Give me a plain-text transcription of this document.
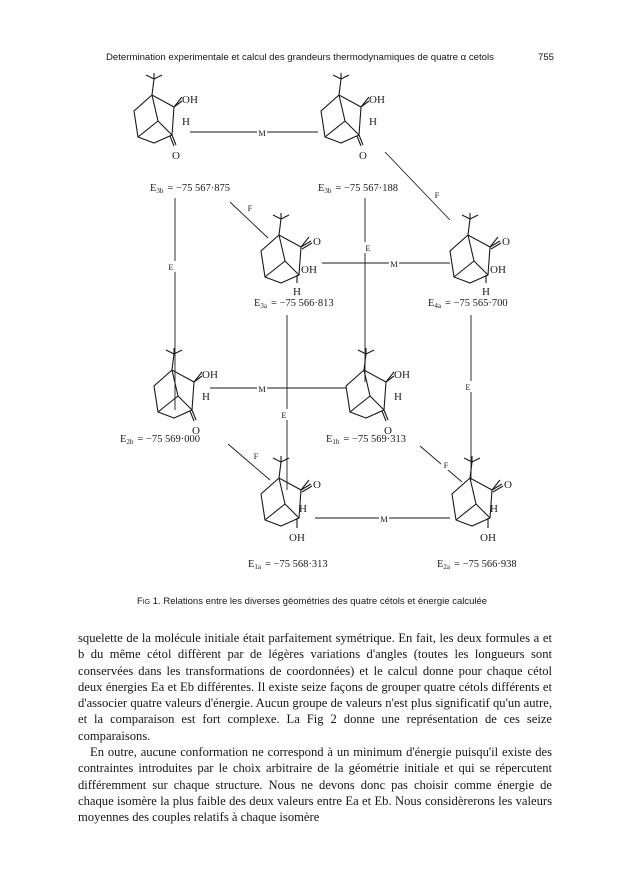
Determination experimentale et calcul des grandeurs thermodynamiques de quatre α cetols	755
M
E
F
F
E
M
E
E
M
F
F
M
O
OH
H
O
OH
H
O
OH
H
O
OH
H
O
OH
H
O
OH
H
O
H
OH
O
H
OH
E3b = −75 567·875	E3b = −75 567·188
E3a = −75 566·813	E4a = −75 565·700
E2b = −75 569·000	E1b = −75 569·313
E1a = −75 568·313	E2a = −75 566·938
Fig 1. Relations entre les diverses géométries des quatre cétols et énergie calculée

squelette de la molécule initiale était parfaitement symétrique. En fait, les deux formules a et b du même cétol diffèrent par de légères variations d'angles (toutes les longueurs sont conservées dans les transformations de coordonnées) et le calcul donne pour chaque cétol deux énergies Ea et Eb différentes. Il existe seize façons de grouper quatre cétols différents et d'associer quatre valeurs d'énergie. Aucun groupe de valeurs n'est plus significatif qu'un autre, et la comparaison est fort complexe. La Fig 2 donne une représentation de ces seize comparaisons.

En outre, aucune conformation ne correspond à un minimum d'énergie puisqu'il existe des contraintes introduites par le choix arbitraire de la géométrie initiale et qui se répercutent différemment sur chaque structure. Nous ne devons donc pas choisir comme énergie de chaque isomère la plus faible des deux valeurs entre Ea et Eb. Nous considèrerons les valeurs moyennes des couples relatifs à chaque isomère
